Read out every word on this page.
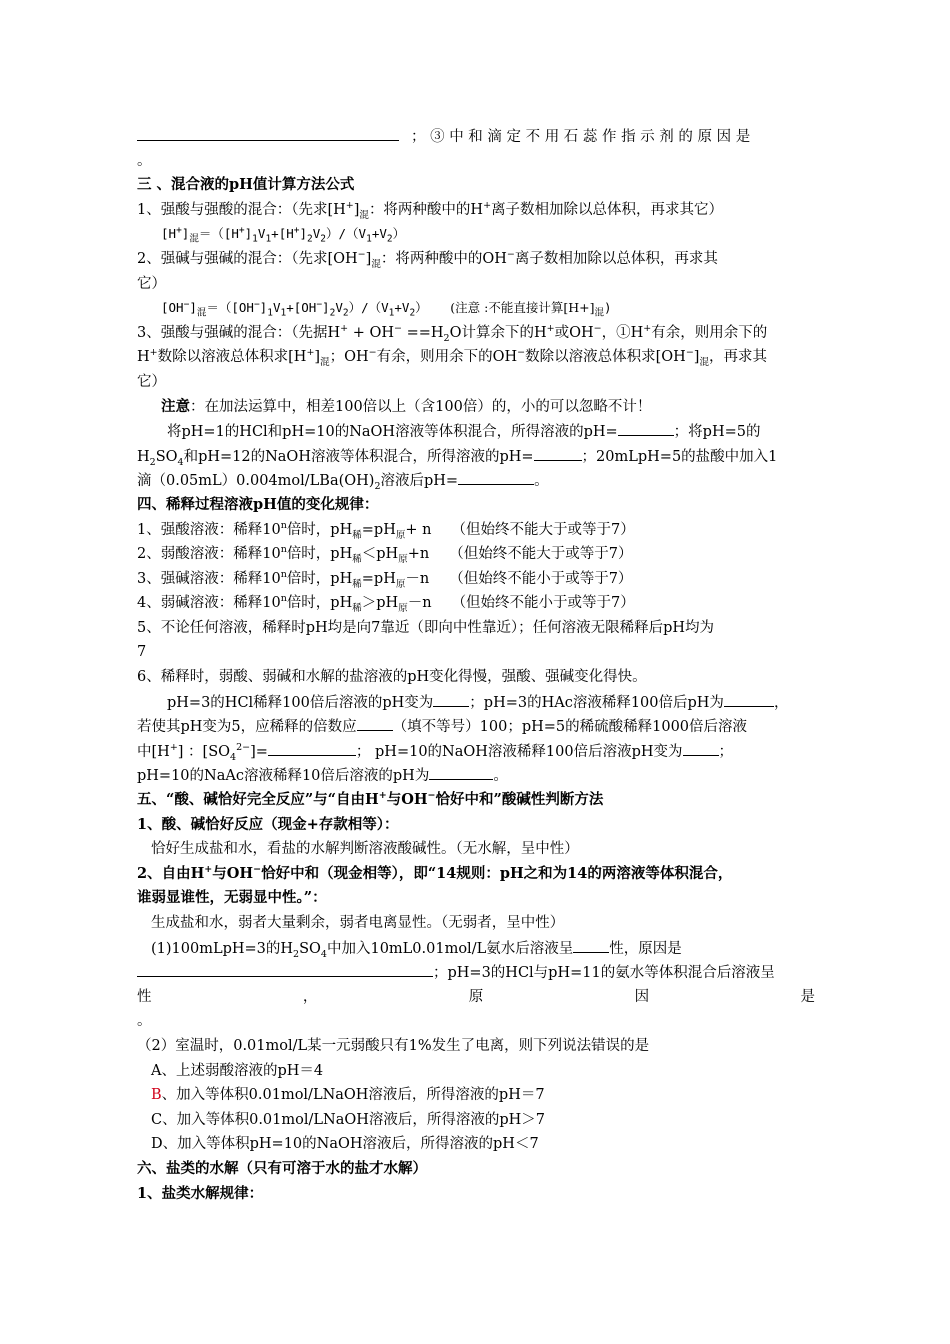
；③中和滴定不用石蕊作指示剂的原因是
。
三 、混合液的pH值计算方法公式
1、强酸与强酸的混合：（先求$[H^+]_混$：将两种酸中的H+离子数相加除以总体积，再求其它）
$[H^+]_混=([H^+]_1V_1+[H^+]_2V_2)/(V_1+V_2)$
2、强碱与强碱的混合：（先求$[OH^-]_混$：将两种酸中的OH−离子数相加除以总体积，再求其
它）
$[OH^-]_混=([OH^-]_1V_1+[OH^-]_2V_2)/(V_1+V_2)$ (注意 :不能直接计算$[H+]_混$)
3、强酸与强碱的混合：（先据$H^+ + OH^- ==H_2O$计算余下的H+或OH−，①H+有余，则用余下的
H+数除以溶液总体积求$[H^+]_混$；OH−有余，则用余下的OH−数除以溶液总体积求$[OH^-]_混$，再求其
它）
注意：在加法运算中，相差100倍以上（含100倍）的，小的可以忽略不计！
将pH=1的HCl和pH=10的NaOH溶液等体积混合，所得溶液的pH=	；将pH=5的
$H_2SO_4$和pH=12的NaOH溶液等体积混合，所得溶液的pH=	；20mLpH=5的盐酸中加入1
滴$(0.05mL)0.004mol/LBa(OH)_2$溶液后pH=	。
四、稀释过程溶液pH值的变化规律：
1、强酸溶液：稀释10$^n$倍时，$pH_稀=pH_原+ n$ （但始终不能大于或等于7）
2、弱酸溶液：稀释10$^n$倍时，$pH_稀<pH_原+n$ （但始终不能大于或等于7）
3、强碱溶液：稀释10$^n$倍时，$pH_稀=pH_原-n$ （但始终不能小于或等于7）
4、弱碱溶液：稀释10$^n$倍时，$pH_稀>pH_原-n$ （但始终不能小于或等于7）
5、不论任何溶液，稀释时pH均是向7靠近（即向中性靠近）；任何溶液无限稀释后pH均为
7
6、稀释时，弱酸、弱碱和水解的盐溶液的pH变化得慢，强酸、强碱变化得快。
pH=3的HCl稀释100倍后溶液的pH变为 ；pH=3的HAc溶液稀释100倍后pH为	，
若使其pH变为5，应稀释的倍数应 （填不等号）100；pH=5的稀硫酸稀释1000倍后溶液
中[H+] ：$[SO_4^{2-}]=$	； pH=10的NaOH溶液稀释100倍后溶液pH变为 ；
pH=10的NaAc溶液稀释10倍后溶液的pH为	。
五、“酸、碱恰好完全反应”与“自由H+与OH−恰好中和”酸碱性判断方法
1、酸、碱恰好反应（现金+存款相等）：
恰好生成盐和水，看盐的水解判断溶液酸碱性。（无水解，呈中性）
2、自由H+与OH−恰好中和（现金相等），即“14规则：pH之和为14的两溶液等体积混合，
谁弱显谁性，无弱显中性。”：
生成盐和水，弱者大量剩余，弱者电离显性。（无弱者，呈中性）
(1)100mLpH=3的$H_2SO_4$中加入10mL0.01mol/L氨水后溶液呈 性，原因是
；pH=3的HCl与pH=11的氨水等体积混合后溶液呈
性	，	原	因	是
。
（2）室温时，0.01mol/L某一元弱酸只有1%发生了电离，则下列说法错误的是
A、上述弱酸溶液的pH＝4
B、加入等体积0.01mol/LNaOH溶液后，所得溶液的pH＝7
C、加入等体积0.01mol/LNaOH溶液后，所得溶液的pH＞7
D、加入等体积pH=10的NaOH溶液后，所得溶液的pH＜7
六、盐类的水解（只有可溶于水的盐才水解）
1、盐类水解规律：
